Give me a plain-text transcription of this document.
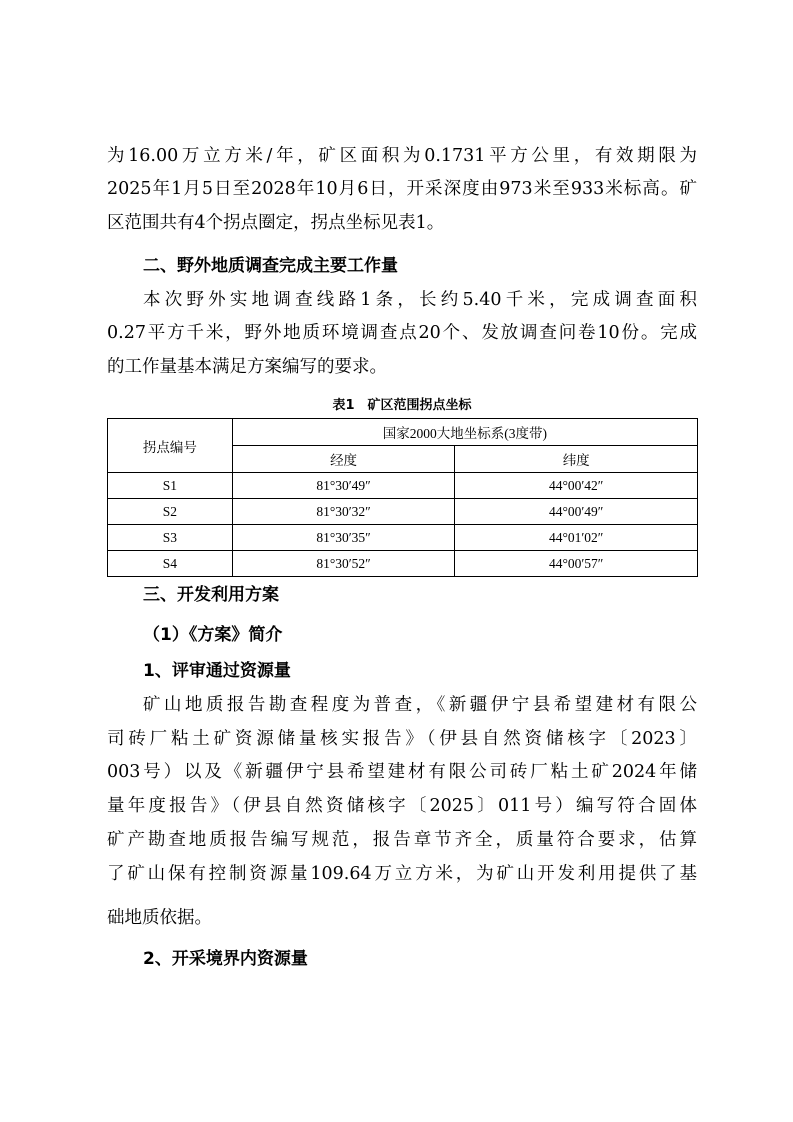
为16.00万立方米/年，矿区面积为0.1731平方公里，有效期限为
2025年1月5日至2028年10月6日，开采深度由973米至933米标高。矿
区范围共有4个拐点圈定，拐点坐标见表1。
二、野外地质调查完成主要工作量
本次野外实地调查线路1条，长约5.40千米，完成调查面积
0.27平方千米，野外地质环境调查点20个、发放调查问卷10份。完成
的工作量基本满足方案编写的要求。
表1　矿区范围拐点坐标
拐点编号	国家2000大地坐标系(3度带)	
	经度	纬度
S1	81°30′49″	44°00′42″
S2	81°30′32″	44°00′49″
S3	81°30′35″	44°01′02″
S4	81°30′52″	44°00′57″
三、开发利用方案
（1）《方案》简介
1、评审通过资源量
矿山地质报告勘查程度为普查，《新疆伊宁县希望建材有限公
司砖厂粘土矿资源储量核实报告》（伊县自然资储核字〔2023〕
003号）以及《新疆伊宁县希望建材有限公司砖厂粘土矿2024年储
量年度报告》（伊县自然资储核字〔2025〕011号）编写符合固体
矿产勘查地质报告编写规范，报告章节齐全，质量符合要求，估算
了矿山保有控制资源量109.64万立方米，为矿山开发利用提供了基
础地质依据。
2、开采境界内资源量
